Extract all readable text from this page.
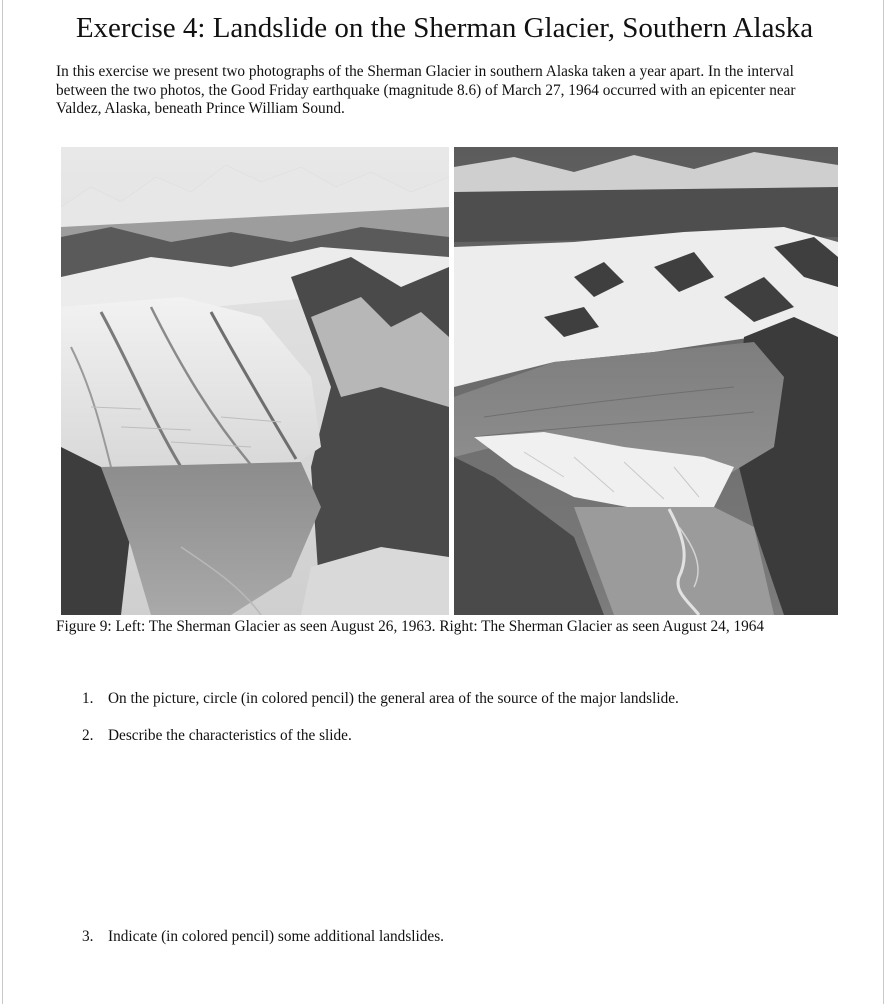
Exercise 4: Landslide on the Sherman Glacier, Southern Alaska

In this exercise we present two photographs of the Sherman Glacier in southern Alaska taken a year apart. In the interval between the two photos, the Good Friday earthquake (magnitude 8.6) of March 27, 1964 occurred with an epicenter near Valdez, Alaska, beneath Prince William Sound.

Figure 9: Left: The Sherman Glacier as seen August 26, 1963. Right: The Sherman Glacier as seen August 24, 1964

1. On the picture, circle (in colored pencil) the general area of the source of the major landslide.
2. Describe the characteristics of the slide.
3. Indicate (in colored pencil) some additional landslides.
